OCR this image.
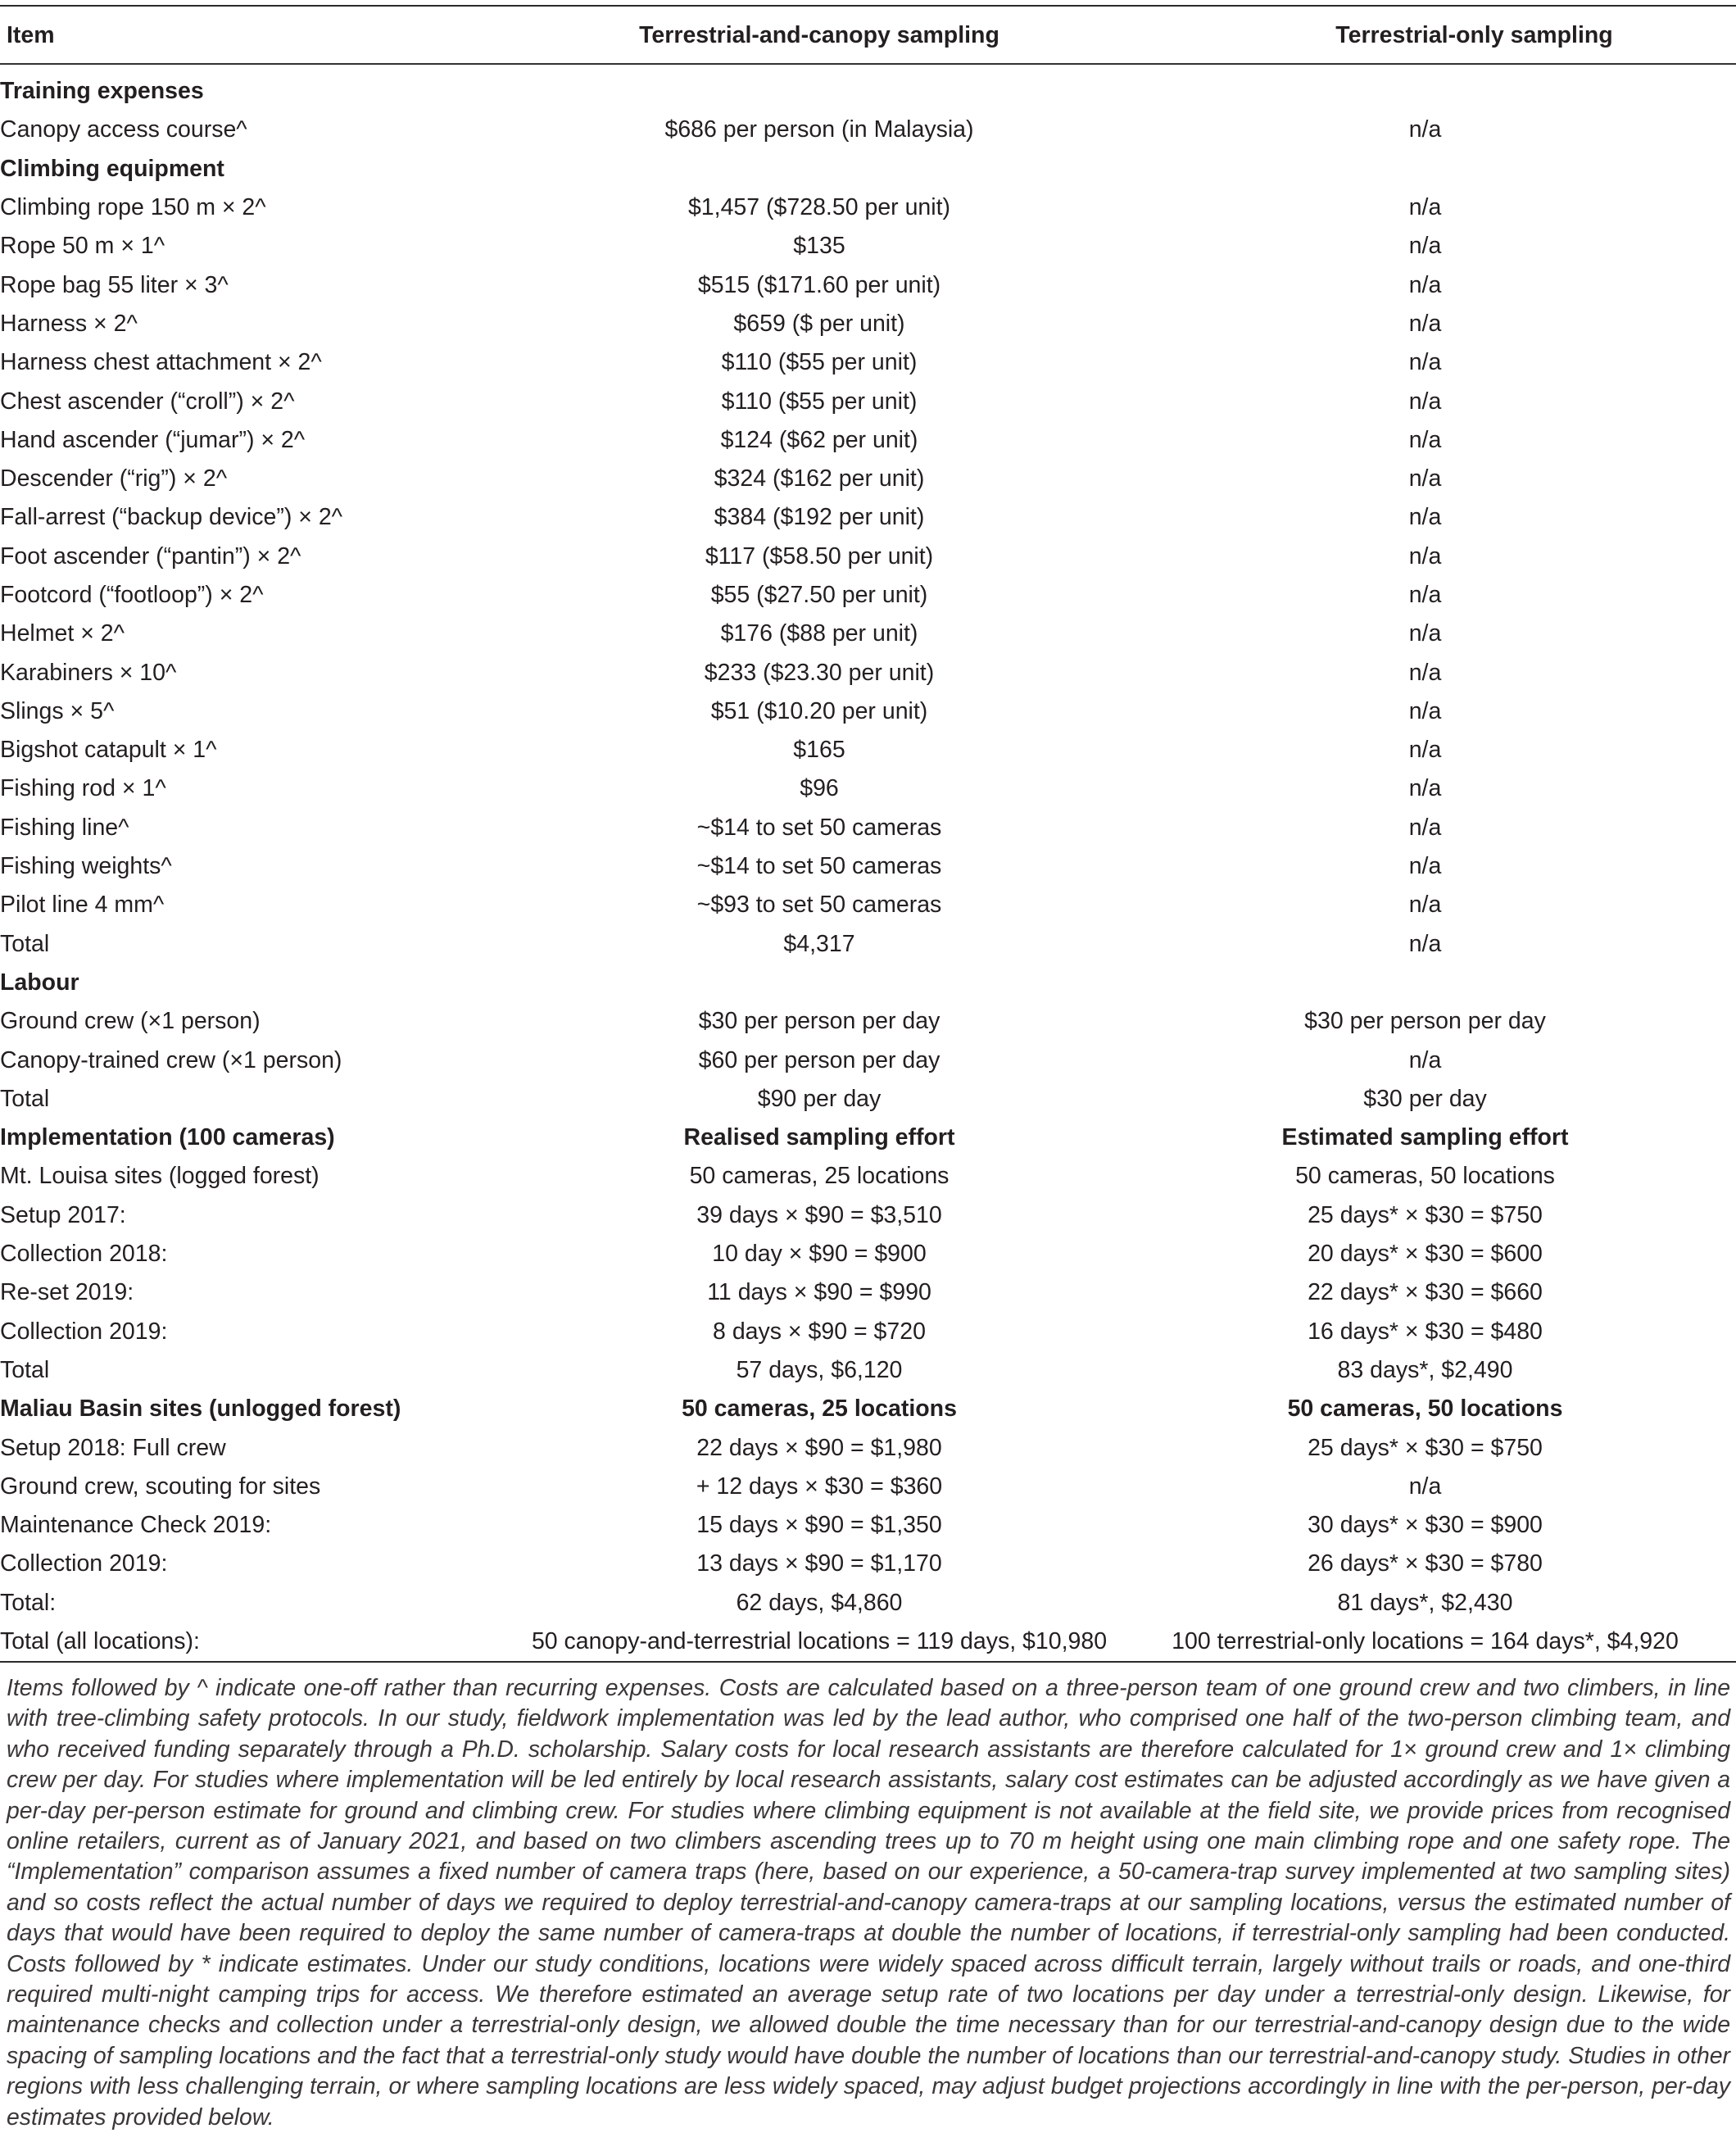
Item	Terrestrial-and-canopy sampling	Terrestrial-only sampling
Training expenses		
Canopy access course^	$686 per person (in Malaysia)	n/a
Climbing equipment		
Climbing rope 150 m × 2^	$1,457 ($728.50 per unit)	n/a
Rope 50 m × 1^	$135	n/a
Rope bag 55 liter × 3^	$515 ($171.60 per unit)	n/a
Harness × 2^	$659 ($ per unit)	n/a
Harness chest attachment × 2^	$110 ($55 per unit)	n/a
Chest ascender (“croll”) × 2^	$110 ($55 per unit)	n/a
Hand ascender (“jumar”) × 2^	$124 ($62 per unit)	n/a
Descender (“rig”) × 2^	$324 ($162 per unit)	n/a
Fall-arrest (“backup device”) × 2^	$384 ($192 per unit)	n/a
Foot ascender (“pantin”) × 2^	$117 ($58.50 per unit)	n/a
Footcord (“footloop”) × 2^	$55 ($27.50 per unit)	n/a
Helmet × 2^	$176 ($88 per unit)	n/a
Karabiners × 10^	$233 ($23.30 per unit)	n/a
Slings × 5^	$51 ($10.20 per unit)	n/a
Bigshot catapult × 1^	$165	n/a
Fishing rod × 1^	$96	n/a
Fishing line^	~$14 to set 50 cameras	n/a
Fishing weights^	~$14 to set 50 cameras	n/a
Pilot line 4 mm^	~$93 to set 50 cameras	n/a
Total	$4,317	n/a
Labour		
Ground crew (×1 person)	$30 per person per day	$30 per person per day
Canopy-trained crew (×1 person)	$60 per person per day	n/a
Total	$90 per day	$30 per day
Implementation (100 cameras)	Realised sampling effort	Estimated sampling effort
Mt. Louisa sites (logged forest)	50 cameras, 25 locations	50 cameras, 50 locations
Setup 2017:	39 days × $90 = $3,510	25 days* × $30 = $750
Collection 2018:	10 day × $90 = $900	20 days* × $30 = $600
Re-set 2019:	11 days × $90 = $990	22 days* × $30 = $660
Collection 2019:	8 days × $90 = $720	16 days* × $30 = $480
Total	57 days, $6,120	83 days*, $2,490
Maliau Basin sites (unlogged forest)	50 cameras, 25 locations	50 cameras, 50 locations
Setup 2018: Full crew	22 days × $90 = $1,980	25 days* × $30 = $750
Ground crew, scouting for sites	+ 12 days × $30 = $360	n/a
Maintenance Check 2019:	15 days × $90 = $1,350	30 days* × $30 = $900
Collection 2019:	13 days × $90 = $1,170	26 days* × $30 = $780
Total:	62 days, $4,860	81 days*, $2,430
Total (all locations):	50 canopy-and-terrestrial locations = 119 days, $10,980	100 terrestrial-only locations = 164 days*, $4,920
Items followed by ^ indicate one-off rather than recurring expenses. Costs are calculated based on a three-person team of one ground crew and two climbers, in line with tree-climbing safety protocols. In our study, fieldwork implementation was led by the lead author, who comprised one half of the two-person climbing team, and who received funding separately through a Ph.D. scholarship. Salary costs for local research assistants are therefore calculated for 1× ground crew and 1× climbing crew per day. For studies where implementation will be led entirely by local research assistants, salary cost estimates can be adjusted accordingly as we have given a per-day per-person estimate for ground and climbing crew. For studies where climbing equipment is not available at the field site, we provide prices from recognised online retailers, current as of January 2021, and based on two climbers ascending trees up to 70 m height using one main climbing rope and one safety rope. The “Implementation” comparison assumes a fixed number of camera traps (here, based on our experience, a 50-camera-trap survey implemented at two sampling sites) and so costs reflect the actual number of days we required to deploy terrestrial-and-canopy camera-traps at our sampling locations, versus the estimated number of days that would have been required to deploy the same number of camera-traps at double the number of locations, if terrestrial-only sampling had been conducted. Costs followed by * indicate estimates. Under our study conditions, locations were widely spaced across difficult terrain, largely without trails or roads, and one-third required multi-night camping trips for access. We therefore estimated an average setup rate of two locations per day under a terrestrial-only design. Likewise, for maintenance checks and collection under a terrestrial-only design, we allowed double the time necessary than for our terrestrial-and-canopy design due to the wide spacing of sampling locations and the fact that a terrestrial-only study would have double the number of locations than our terrestrial-and-canopy study. Studies in other regions with less challenging terrain, or where sampling locations are less widely spaced, may adjust budget projections accordingly in line with the per-person, per-day estimates provided below.
